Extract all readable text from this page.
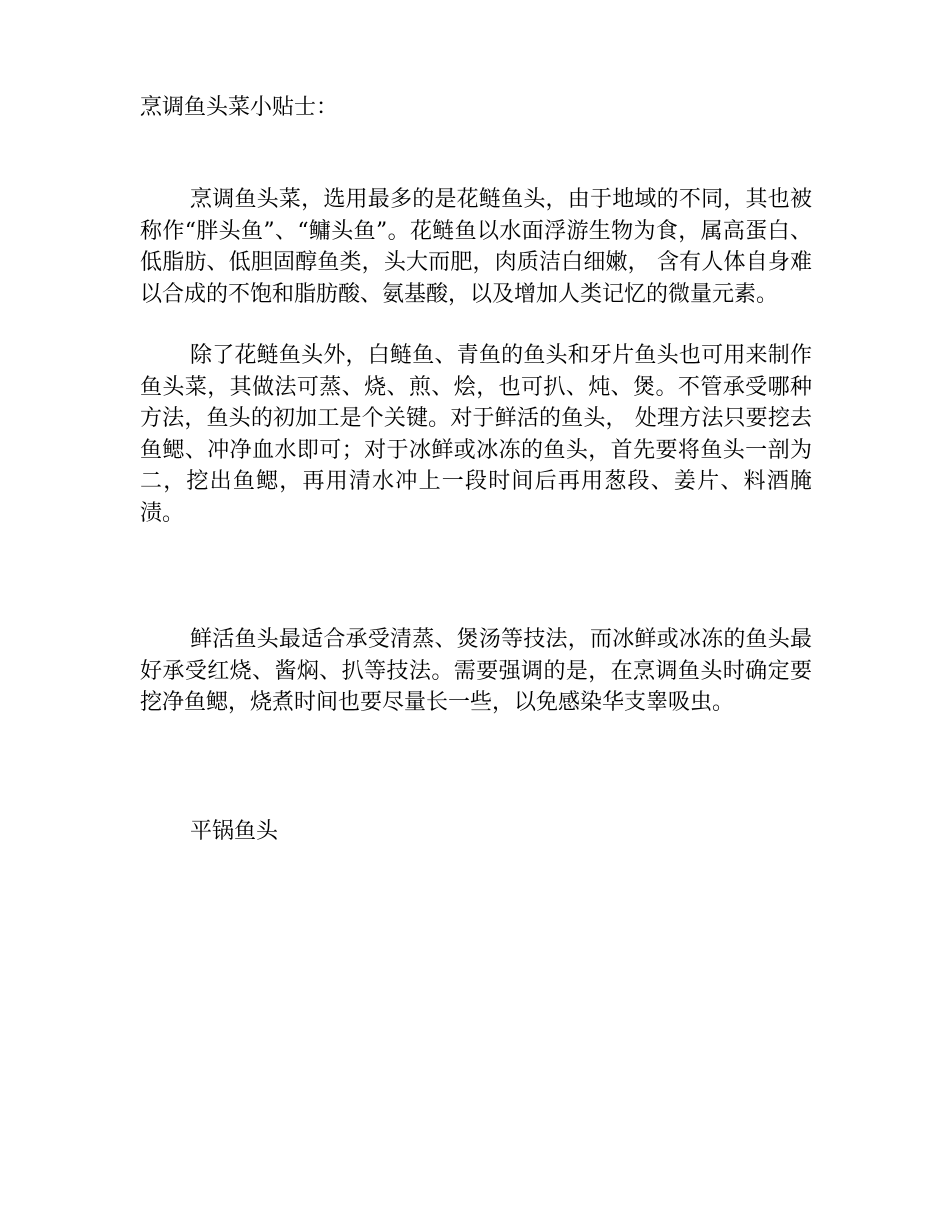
烹调鱼头菜小贴士：

烹调鱼头菜，选用最多的是花鲢鱼头，由于地域的不同，其也被称作“胖头鱼”、“鳙头鱼”。花鲢鱼以水面浮游生物为食，属高蛋白、低脂肪、低胆固醇鱼类，头大而肥，肉质洁白细嫩， 含有人体自身难以合成的不饱和脂肪酸、氨基酸，以及增加人类记忆的微量元素。

除了花鲢鱼头外，白鲢鱼、青鱼的鱼头和牙片鱼头也可用来制作鱼头菜，其做法可蒸、烧、煎、烩，也可扒、炖、煲。不管承受哪种方法，鱼头的初加工是个关键。对于鲜活的鱼头， 处理方法只要挖去鱼鳃、冲净血水即可；对于冰鲜或冰冻的鱼头，首先要将鱼头一剖为二，挖出鱼鳃，再用清水冲上一段时间后再用葱段、姜片、料酒腌渍。

鲜活鱼头最适合承受清蒸、煲汤等技法，而冰鲜或冰冻的鱼头最好承受红烧、酱焖、扒等技法。需要强调的是，在烹调鱼头时确定要挖净鱼鳃，烧煮时间也要尽量长一些，以免感染华支睾吸虫。

平锅鱼头
